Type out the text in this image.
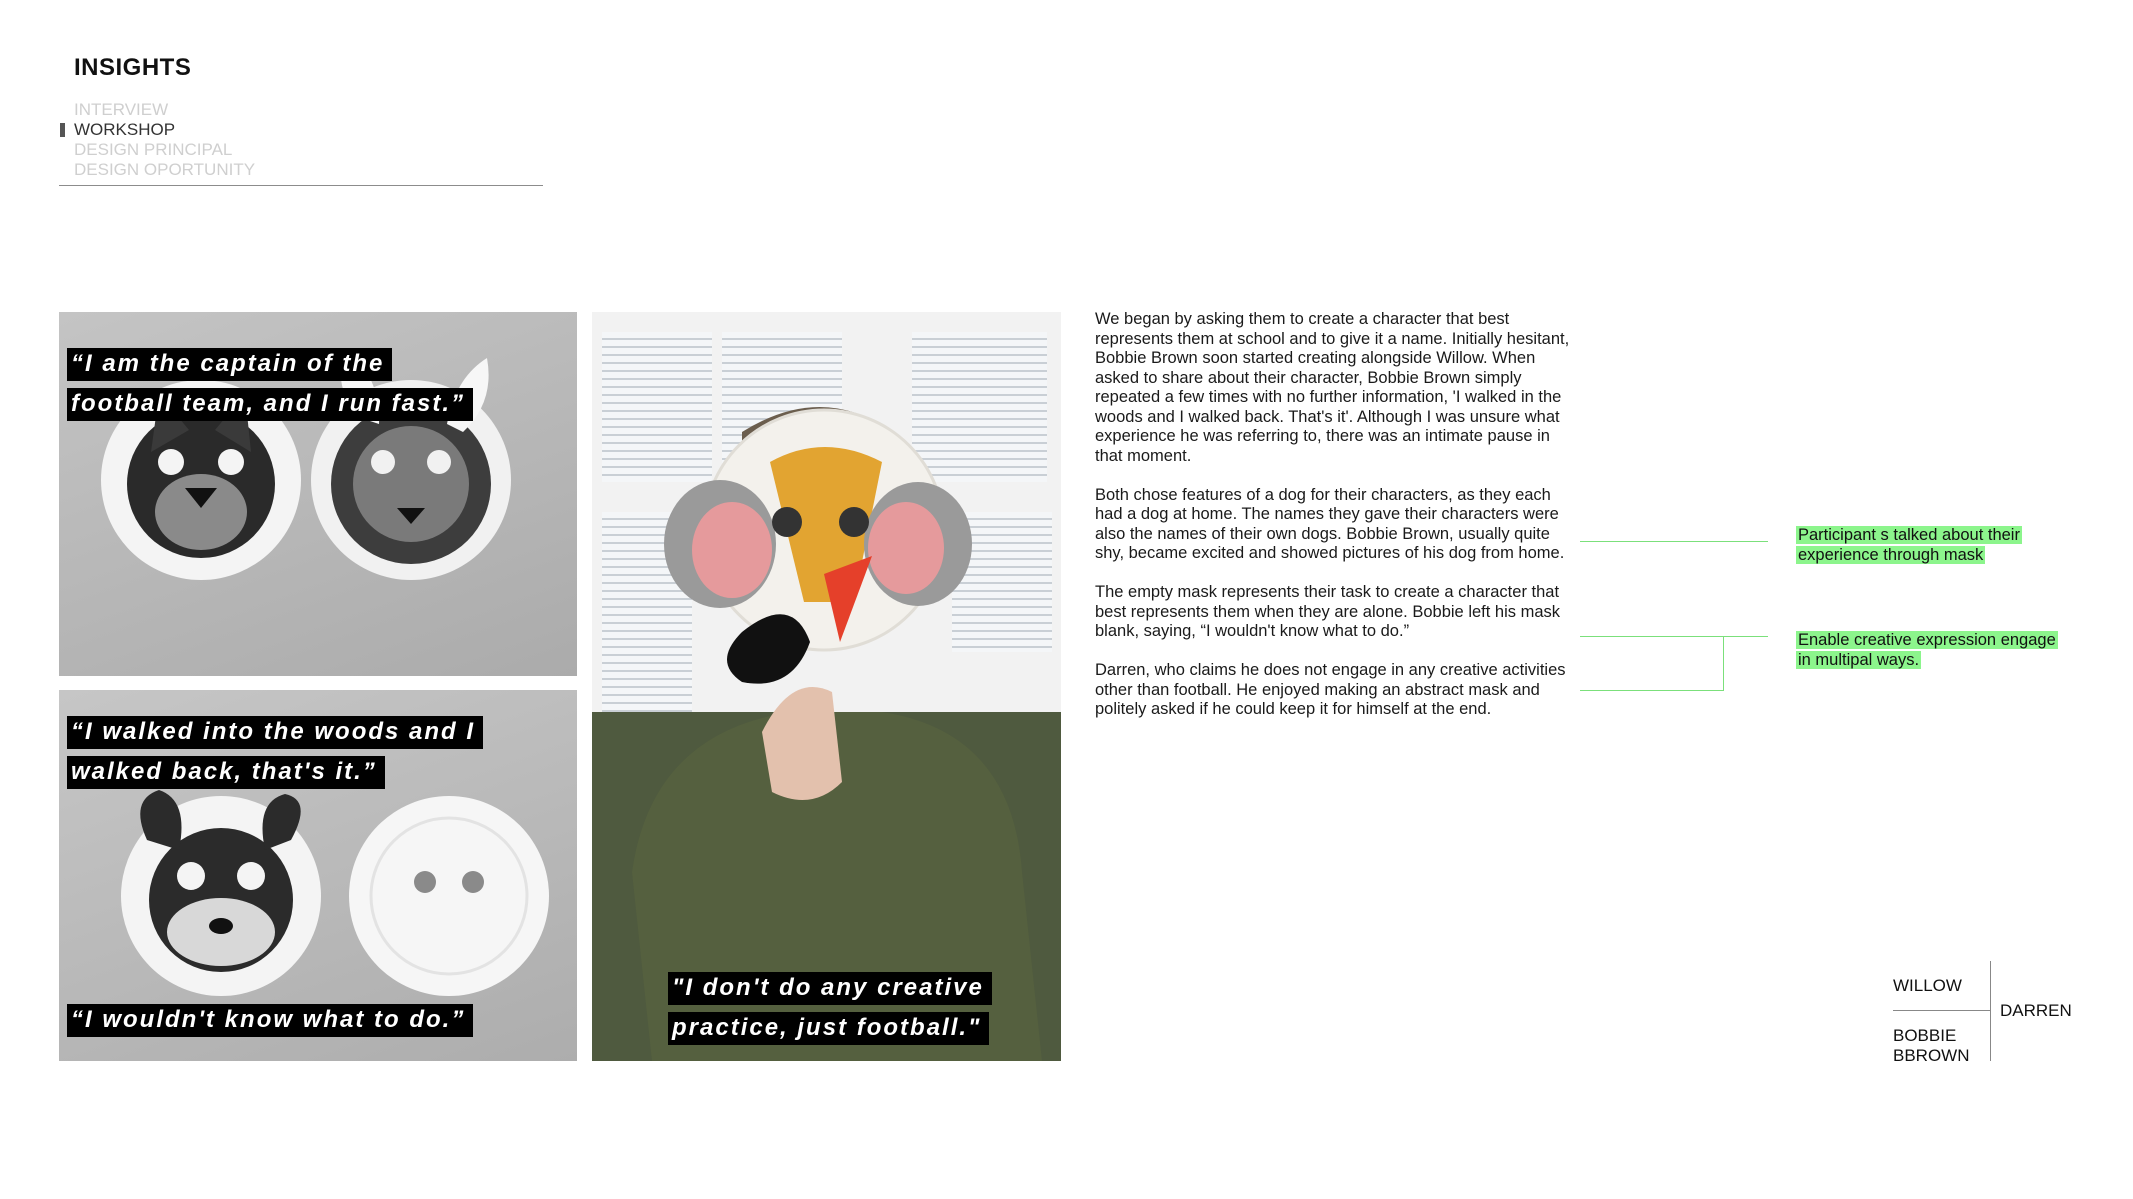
INSIGHTS
INTERVIEW
WORKSHOP
DESIGN PRINCIPAL
DESIGN OPORTUNITY
“I am the captain of the
football team, and I run fast.”
“I walked into the woods and I
walked back, that's it.”
“I wouldn't know what to do.”
"I don't do any creative
practice, just football."

We began by asking them to create a character that best represents them at school and to give it a name. Initially hesitant, Bobbie Brown soon started creating alongside Willow. When asked to share about their character, Bobbie Brown simply repeated a few times with no further information, 'I walked in the woods and I walked back. That's it'. Although I was unsure what experience he was referring to, there was an intimate pause in that moment.

Both chose features of a dog for their characters, as they each had a dog at home. The names they gave their characters were also the names of their own dogs. Bobbie Brown, usually quite shy, became excited and showed pictures of his dog from home.

The empty mask represents their task to create a character that best represents them when they are alone. Bobbie left his mask blank, saying, “I wouldn't know what to do.”

Darren, who claims he does not engage in any creative activities other than football. He enjoyed making an abstract mask and politely asked if he could keep it for himself at the end.

Participant s talked about their experience through mask
Enable creative expression engage in multipal ways.
WILLOW
DARREN
BOBBIE
BBROWN
